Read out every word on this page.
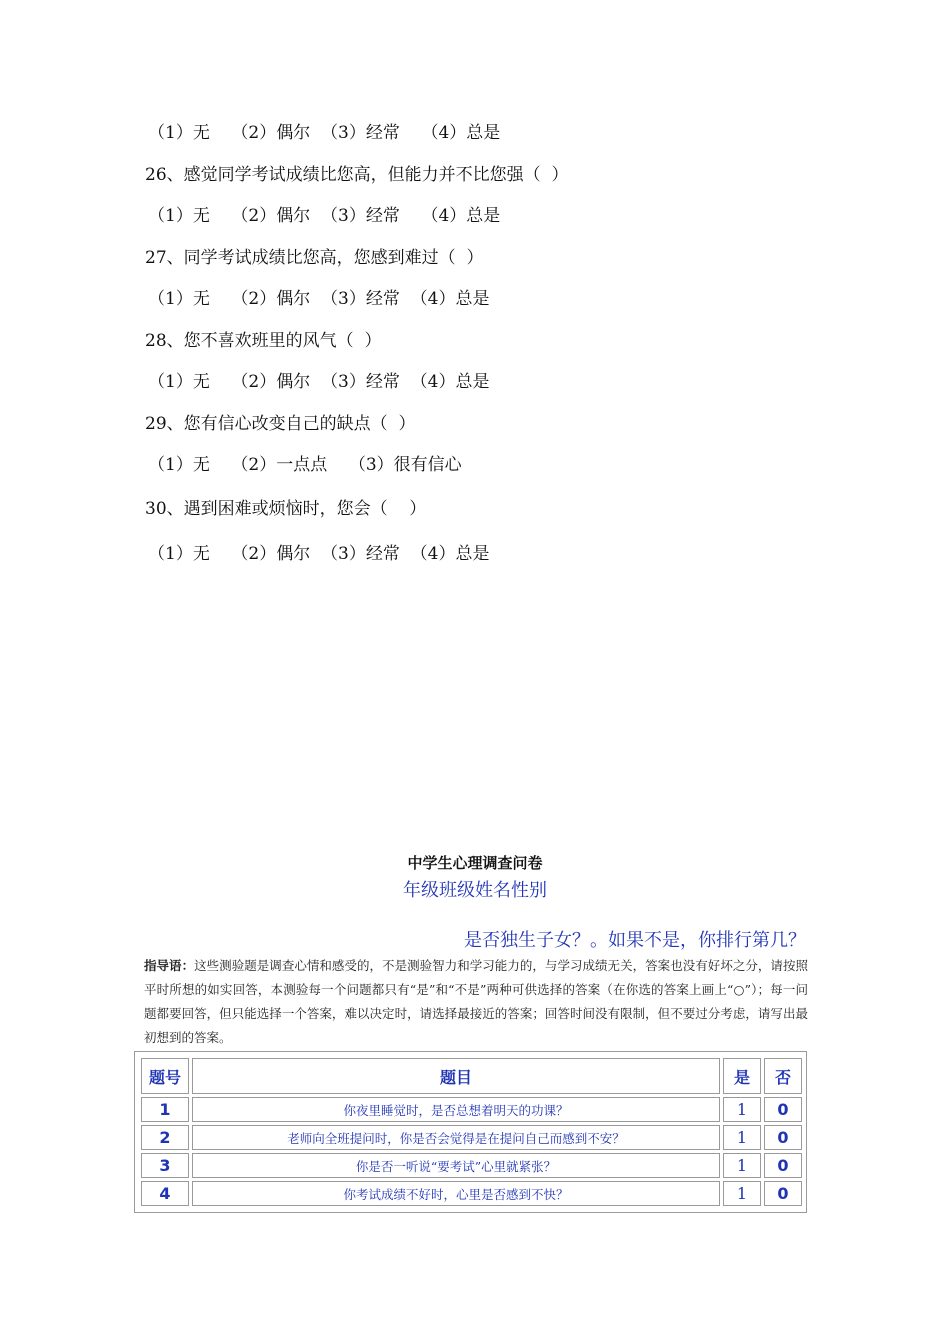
（1）无    （2）偶尔  （3）经常    （4）总是
26、感觉同学考试成绩比您高，但能力并不比您强（  ）
（1）无    （2）偶尔  （3）经常    （4）总是
27、同学考试成绩比您高，您感到难过（  ）
（1）无    （2）偶尔  （3）经常  （4）总是
28、您不喜欢班里的风气（  ）
（1）无    （2）偶尔  （3）经常  （4）总是
29、您有信心改变自己的缺点（  ）
（1）无    （2）一点点    （3）很有信心
30、遇到困难或烦恼时，您会（    ）
（1）无    （2）偶尔  （3）经常  （4）总是
中学生心理调查问卷
年级班级姓名性别
是否独生子女？。如果不是，你排行第几？
指导语：这些测验题是调查心情和感受的，不是测验智力和学习能力的，与学习成绩无关，答案也没有好坏之分，请按照平时所想的如实回答，本测验每一个问题都只有“是”和“不是”两种可供选择的答案（在你选的答案上画上“○”）；每一问题都要回答，但只能选择一个答案，难以决定时，请选择最接近的答案；回答时间没有限制，但不要过分考虑，请写出最初想到的答案。
题号	题目	是	否
1	你夜里睡觉时，是否总想着明天的功课？	1	0
2	老师向全班提问时，你是否会觉得是在提问自己而感到不安？	1	0
3	你是否一听说“要考试”心里就紧张？	1	0
4	你考试成绩不好时，心里是否感到不快？	1	0
